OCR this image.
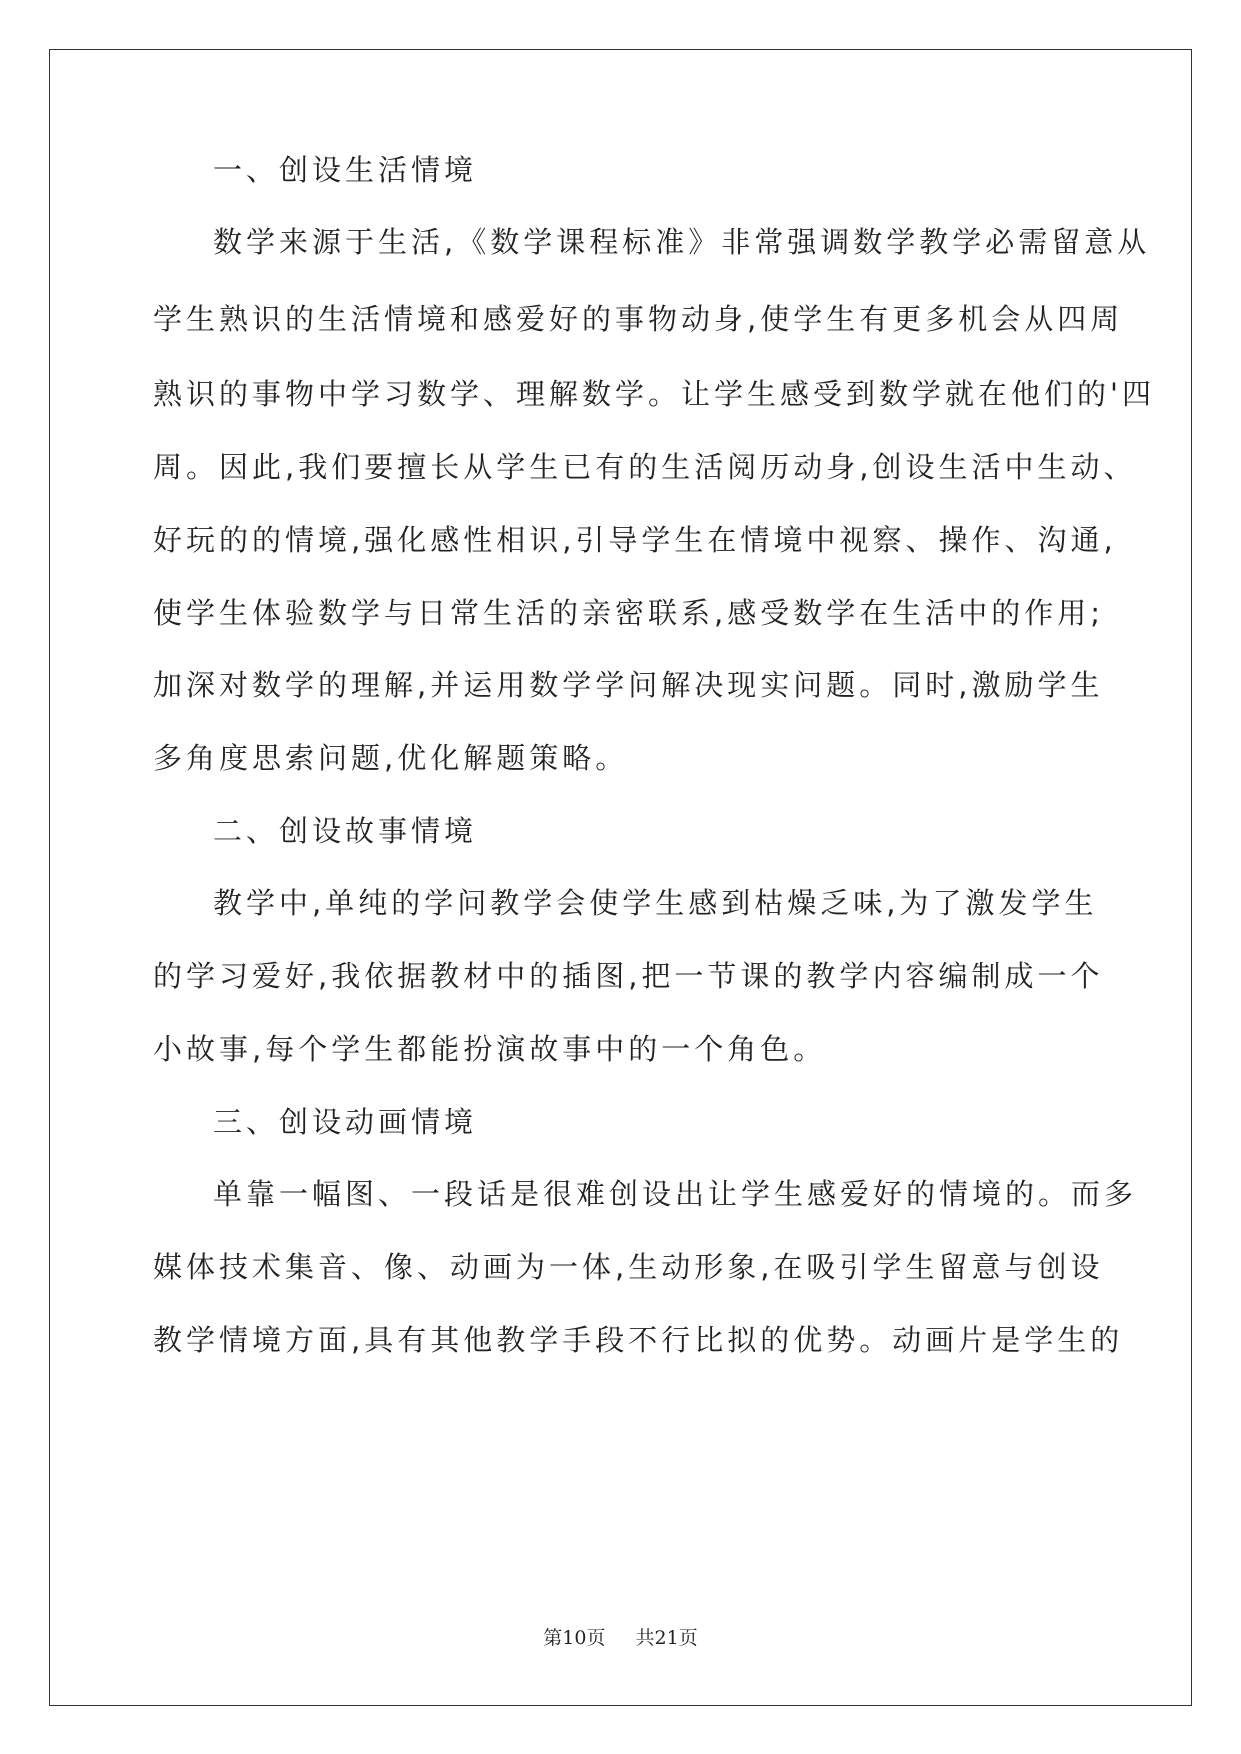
一、创设生活情境
数学来源于生活,《数学课程标准》非常强调数学教学必需留意从
学生熟识的生活情境和感爱好的事物动身,使学生有更多机会从四周
熟识的事物中学习数学、理解数学。让学生感受到数学就在他们的'四
周。因此,我们要擅长从学生已有的生活阅历动身,创设生活中生动、
好玩的的情境,强化感性相识,引导学生在情境中视察、操作、沟通,
使学生体验数学与日常生活的亲密联系,感受数学在生活中的作用;
加深对数学的理解,并运用数学学问解决现实问题。同时,激励学生
多角度思索问题,优化解题策略。
二、创设故事情境
教学中,单纯的学问教学会使学生感到枯燥乏味,为了激发学生
的学习爱好,我依据教材中的插图,把一节课的教学内容编制成一个
小故事,每个学生都能扮演故事中的一个角色。
三、创设动画情境
单靠一幅图、一段话是很难创设出让学生感爱好的情境的。而多
媒体技术集音、像、动画为一体,生动形象,在吸引学生留意与创设
教学情境方面,具有其他教学手段不行比拟的优势。动画片是学生的
第10页 共21页
